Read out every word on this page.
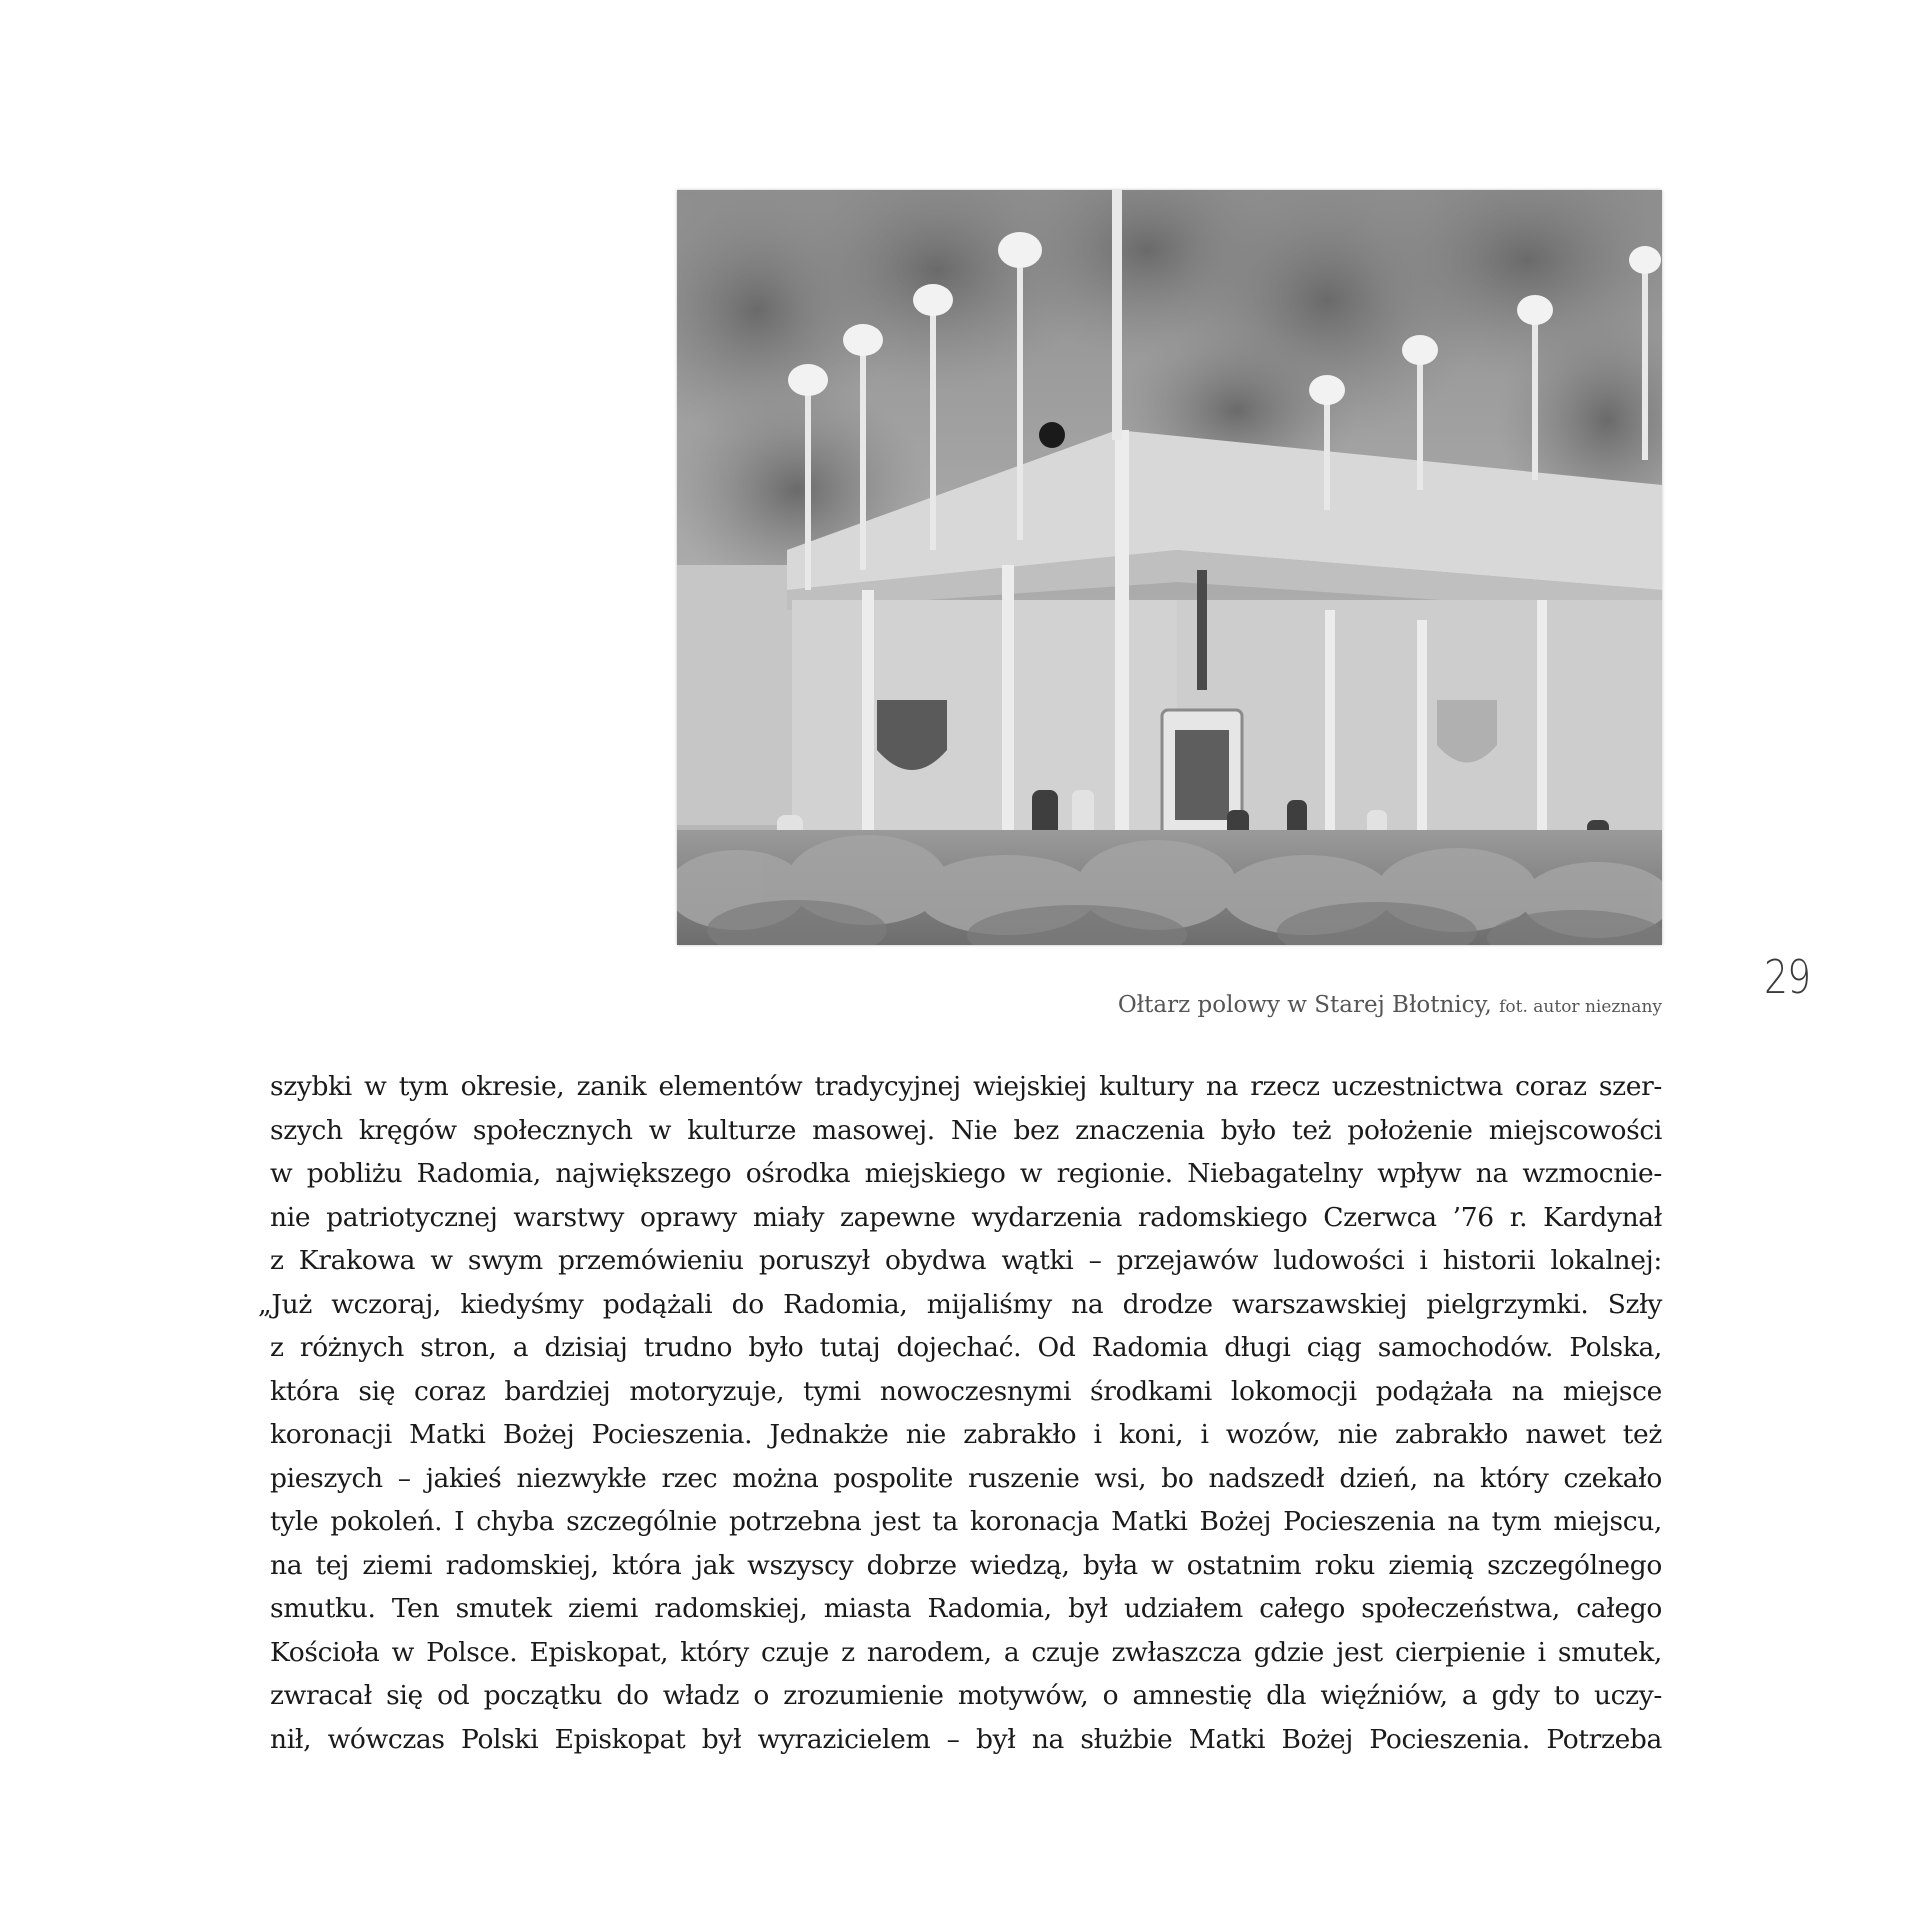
Ołtarz polowy w Starej Błotnicy, fot. autor nieznany
29
szybki w tym okresie, zanik elementów tradycyjnej wiejskiej kultury na rzecz uczestnictwa coraz szer-
szych kręgów społecznych w kulturze masowej. Nie bez znaczenia było też położenie miejscowości
w pobliżu Radomia, największego ośrodka miejskiego w regionie. Niebagatelny wpływ na wzmocnie-
nie patriotycznej warstwy oprawy miały zapewne wydarzenia radomskiego Czerwca ’76 r. Kardynał
z Krakowa w swym przemówieniu poruszył obydwa wątki – przejawów ludowości i historii lokalnej:
„Już wczoraj, kiedyśmy podążali do Radomia, mijaliśmy na drodze warszawskiej pielgrzymki. Szły
z różnych stron, a dzisiaj trudno było tutaj dojechać. Od Radomia długi ciąg samochodów. Polska,
która się coraz bardziej motoryzuje, tymi nowoczesnymi środkami lokomocji podążała na miejsce
koronacji Matki Bożej Pocieszenia. Jednakże nie zabrakło i koni, i wozów, nie zabrakło nawet też
pieszych – jakieś niezwykłe rzec można pospolite ruszenie wsi, bo nadszedł dzień, na który czekało
tyle pokoleń. I chyba szczególnie potrzebna jest ta koronacja Matki Bożej Pocieszenia na tym miejscu,
na tej ziemi radomskiej, która jak wszyscy dobrze wiedzą, była w ostatnim roku ziemią szczególnego
smutku. Ten smutek ziemi radomskiej, miasta Radomia, był udziałem całego społeczeństwa, całego
Kościoła w Polsce. Episkopat, który czuje z narodem, a czuje zwłaszcza gdzie jest cierpienie i smutek,
zwracał się od początku do władz o zrozumienie motywów, o amnestię dla więźniów, a gdy to uczy-
nił, wówczas Polski Episkopat był wyrazicielem – był na służbie Matki Bożej Pocieszenia. Potrzeba
